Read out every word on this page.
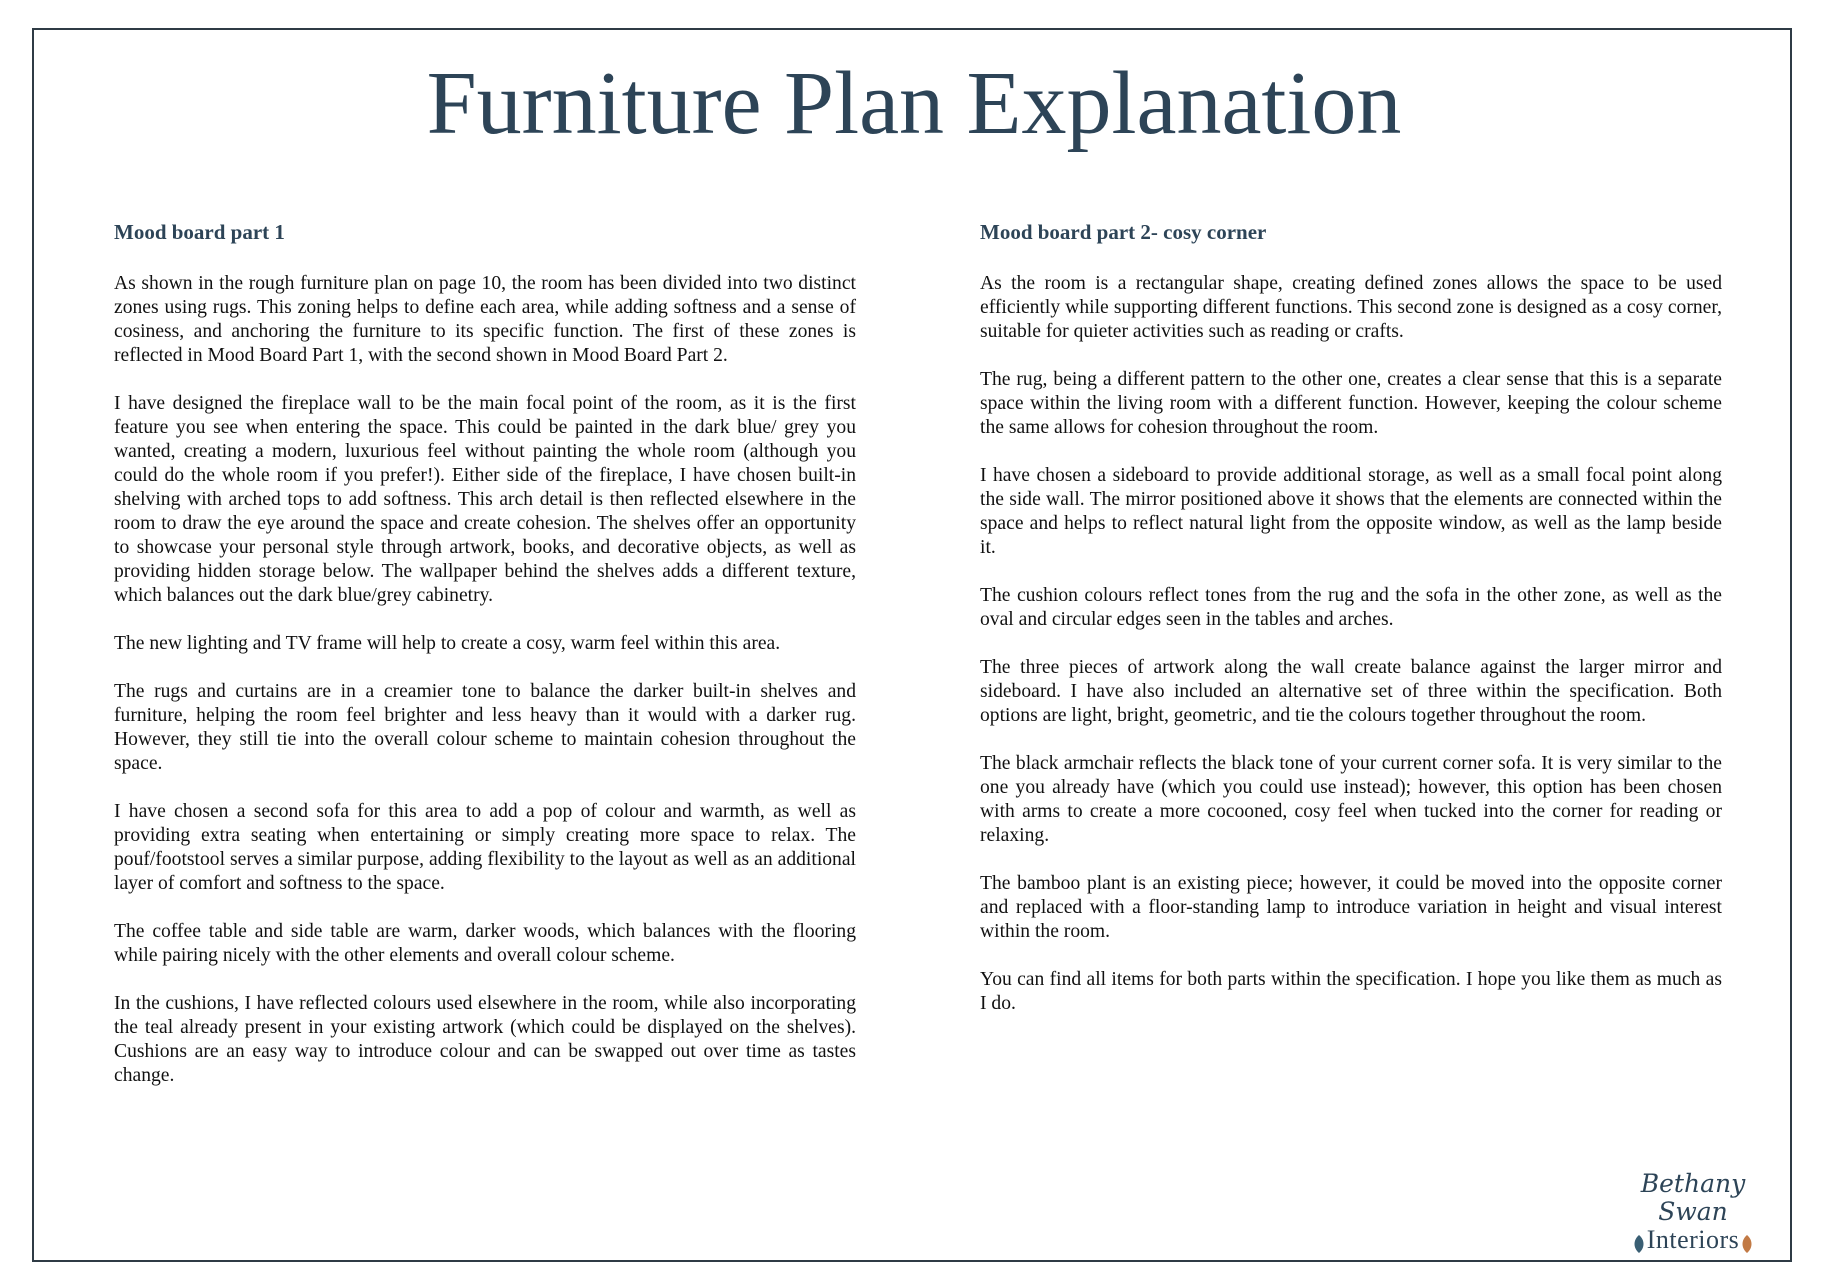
Furniture Plan Explanation
Mood board part 1

As shown in the rough furniture plan on page 10, the room has been divided into two distinct zones using rugs. This zoning helps to define each area, while adding softness and a sense of cosiness, and anchoring the furniture to its specific function. The first of these zones is reflected in Mood Board Part 1, with the second shown in Mood Board Part 2.

I have designed the fireplace wall to be the main focal point of the room, as it is the first feature you see when entering the space. This could be painted in the dark blue/ grey you wanted, creating a modern, luxurious feel without painting the whole room (although you could do the whole room if you prefer!). Either side of the fireplace, I have chosen built-in shelving with arched tops to add softness. This arch detail is then reflected elsewhere in the room to draw the eye around the space and create cohesion. The shelves offer an opportunity to showcase your personal style through artwork, books, and decorative objects, as well as providing hidden storage below. The wallpaper behind the shelves adds a different texture, which balances out the dark blue/grey cabinetry.

The new lighting and TV frame will help to create a cosy, warm feel within this area.

The rugs and curtains are in a creamier tone to balance the darker built-in shelves and furniture, helping the room feel brighter and less heavy than it would with a darker rug. However, they still tie into the overall colour scheme to maintain cohesion throughout the space.

I have chosen a second sofa for this area to add a pop of colour and warmth, as well as providing extra seating when entertaining or simply creating more space to relax. The pouf/footstool serves a similar purpose, adding flexibility to the layout as well as an additional layer of comfort and softness to the space.

The coffee table and side table are warm, darker woods, which balances with the flooring while pairing nicely with the other elements and overall colour scheme.

In the cushions, I have reflected colours used elsewhere in the room, while also incorporating the teal already present in your existing artwork (which could be displayed on the shelves). Cushions are an easy way to introduce colour and can be swapped out over time as tastes change.

Mood board part 2- cosy corner

As the room is a rectangular shape, creating defined zones allows the space to be used efficiently while supporting different functions. This second zone is designed as a cosy corner, suitable for quieter activities such as reading or crafts.

The rug, being a different pattern to the other one, creates a clear sense that this is a separate space within the living room with a different function. However, keeping the colour scheme the same allows for cohesion throughout the room.

I have chosen a sideboard to provide additional storage, as well as a small focal point along the side wall. The mirror positioned above it shows that the elements are connected within the space and helps to reflect natural light from the opposite window, as well as the lamp beside it.

The cushion colours reflect tones from the rug and the sofa in the other zone, as well as the oval and circular edges seen in the tables and arches.

The three pieces of artwork along the wall create balance against the larger mirror and sideboard. I have also included an alternative set of three within the specification. Both options are light, bright, geometric, and tie the colours together throughout the room.

The black armchair reflects the black tone of your current corner sofa. It is very similar to the one you already have (which you could use instead); however, this option has been chosen with arms to create a more cocooned, cosy feel when tucked into the corner for reading or relaxing.

The bamboo plant is an existing piece; however, it could be moved into the opposite corner and replaced with a floor-standing lamp to introduce variation in height and visual interest within the room.

You can find all items for both parts within the specification. I hope you like them as much as I do.

Bethany Swan
Interiors
